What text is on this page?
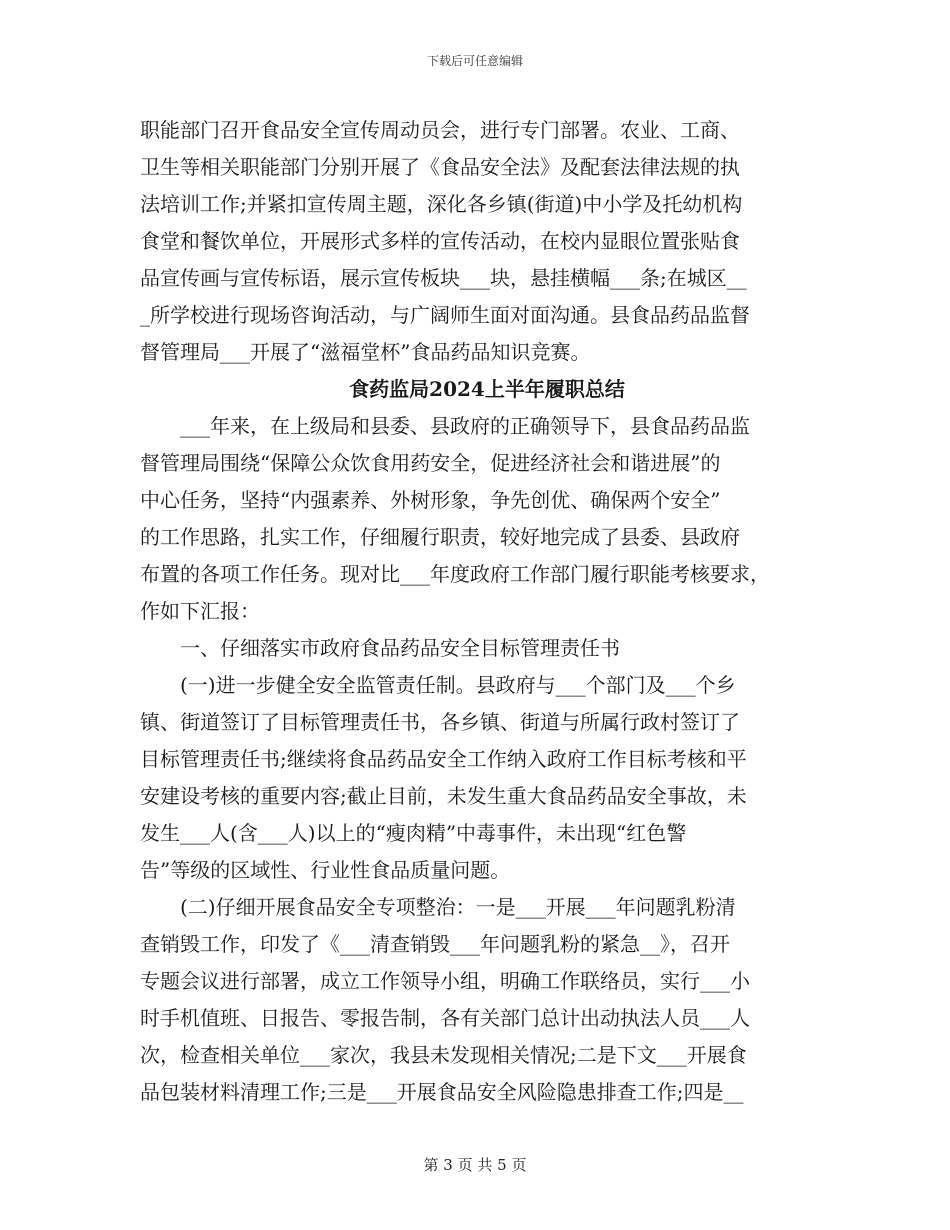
下载后可任意编辑

职能部门召开食品安全宣传周动员会，进行专门部署。农业、工商、

卫生等相关职能部门分别开展了《食品安全法》及配套法律法规的执

法培训工作;并紧扣宣传周主题，深化各乡镇(街道)中小学及托幼机构

食堂和餐饮单位，开展形式多样的宣传活动，在校内显眼位置张贴食

品宣传画与宣传标语，展示宣传板块___块，悬挂横幅___条;在城区__

_所学校进行现场咨询活动，与广阔师生面对面沟通。县食品药品监督

督管理局___开展了“滋福堂杯”食品药品知识竞赛。

食药监局2024上半年履职总结

　　___年来，在上级局和县委、县政府的正确领导下，县食品药品监

督管理局围绕“保障公众饮食用药安全，促进经济社会和谐进展”的

中心任务，坚持“内强素养、外树形象，争先创优、确保两个安全”

的工作思路，扎实工作，仔细履行职责，较好地完成了县委、县政府

布置的各项工作任务。现对比___年度政府工作部门履行职能考核要求，

作如下汇报：

　　一、仔细落实市政府食品药品安全目标管理责任书

　　(一)进一步健全安全监管责任制。县政府与___个部门及___个乡

镇、街道签订了目标管理责任书，各乡镇、街道与所属行政村签订了

目标管理责任书;继续将食品药品安全工作纳入政府工作目标考核和平

安建设考核的重要内容;截止目前，未发生重大食品药品安全事故，未

发生___人(含___人)以上的“瘦肉精”中毒事件，未出现“红色警

告”等级的区域性、行业性食品质量问题。

　　(二)仔细开展食品安全专项整治：一是___开展___年问题乳粉清

查销毁工作，印发了《___清查销毁___年问题乳粉的紧急__》，召开

专题会议进行部署，成立工作领导小组，明确工作联络员，实行___小

时手机值班、日报告、零报告制，各有关部门总计出动执法人员___人

次，检查相关单位___家次，我县未发现相关情况;二是下文___开展食

品包装材料清理工作;三是___开展食品安全风险隐患排查工作;四是__

第 3 页 共 5 页
